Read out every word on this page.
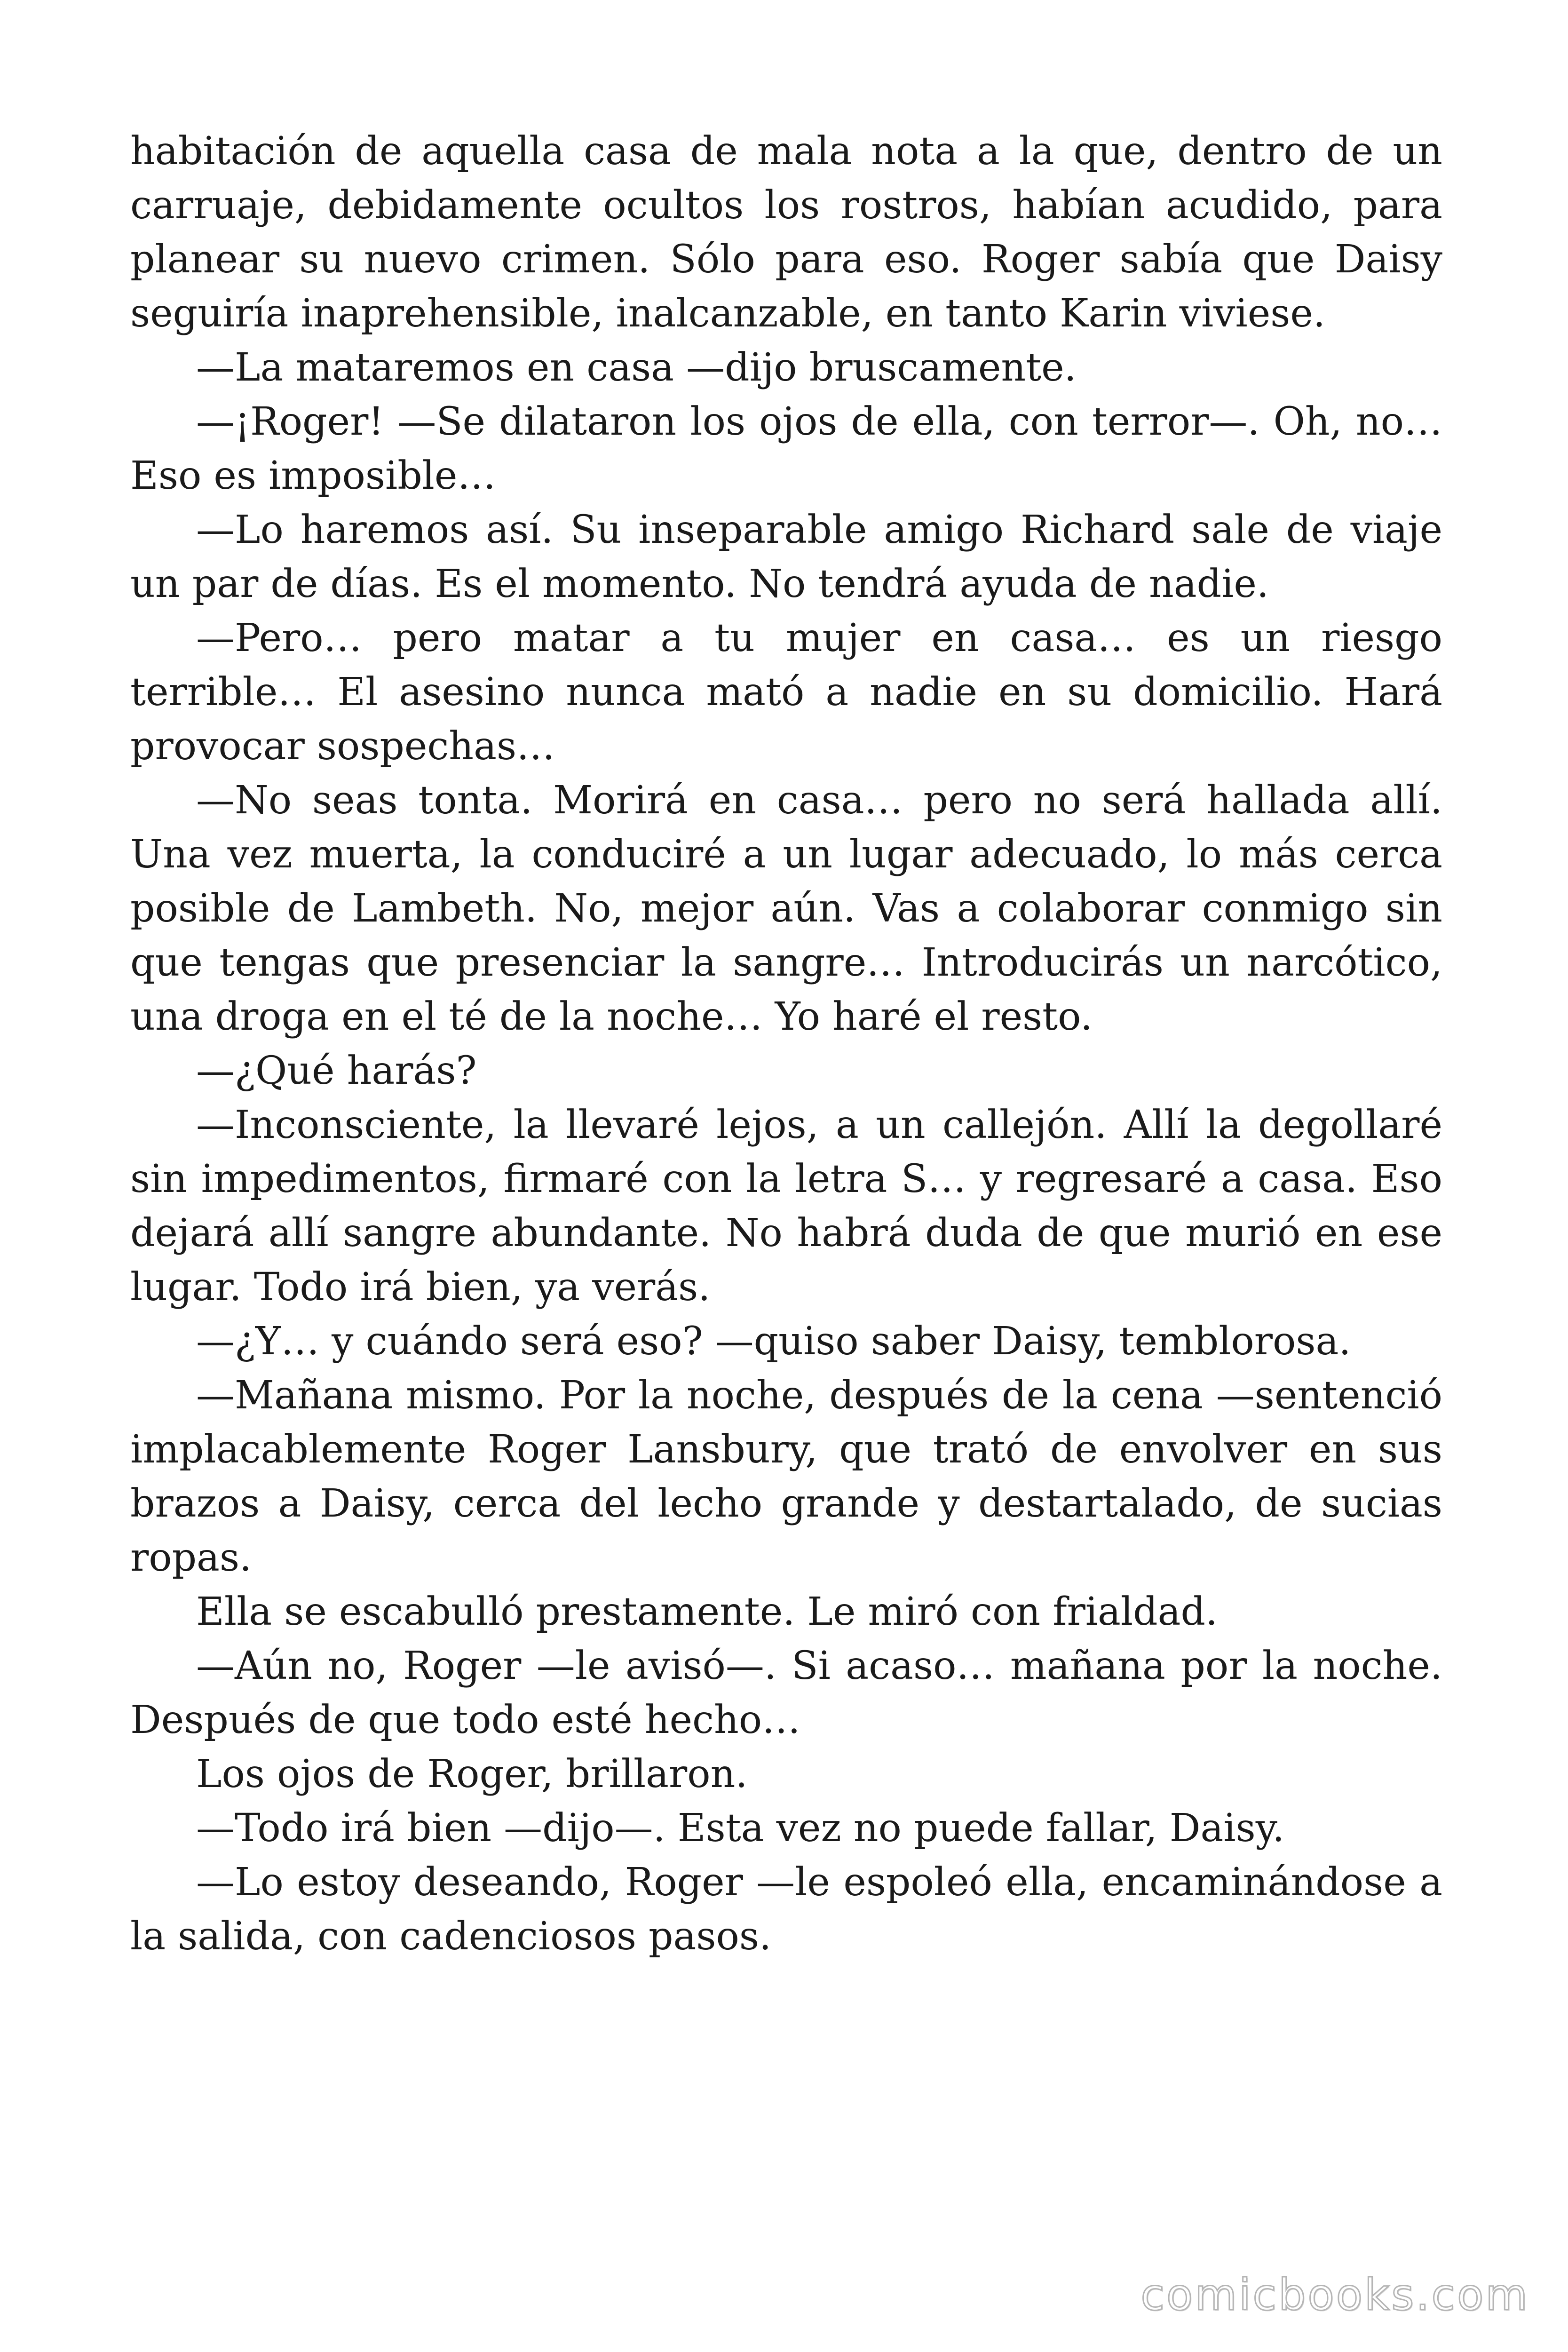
habitación de aquella casa de mala nota a la que, dentro de un carruaje, debidamente ocultos los rostros, habían acudido, para planear su nuevo crimen. Sólo para eso. Roger sabía que Daisy seguiría inaprehensible, inalcanzable, en tanto Karin viviese.

—La mataremos en casa —dijo bruscamente.

—¡Roger! —Se dilataron los ojos de ella, con terror—. Oh, no… Eso es imposible…

—Lo haremos así. Su inseparable amigo Richard sale de viaje un par de días. Es el momento. No tendrá ayuda de nadie.

—Pero… pero matar a tu mujer en casa… es un riesgo terrible… El asesino nunca mató a nadie en su domicilio. Hará provocar sospechas…

—No seas tonta. Morirá en casa… pero no será hallada allí. Una vez muerta, la conduciré a un lugar adecuado, lo más cerca posible de Lambeth. No, mejor aún. Vas a colaborar conmigo sin que tengas que presenciar la sangre… Introducirás un narcótico, una droga en el té de la noche… Yo haré el resto.

—¿Qué harás?

—Inconsciente, la llevaré lejos, a un callejón. Allí la degollaré sin impedimentos, firmaré con la letra S… y regresaré a casa. Eso dejará allí sangre abundante. No habrá duda de que murió en ese lugar. Todo irá bien, ya verás.

—¿Y… y cuándo será eso? —quiso saber Daisy, temblorosa.

—Mañana mismo. Por la noche, después de la cena —sentenció implacablemente Roger Lansbury, que trató de envolver en sus brazos a Daisy, cerca del lecho grande y destartalado, de sucias ropas.

Ella se escabulló prestamente. Le miró con frialdad.

—Aún no, Roger —le avisó—. Si acaso… mañana por la noche. Después de que todo esté hecho…

Los ojos de Roger, brillaron.

—Todo irá bien —dijo—. Esta vez no puede fallar, Daisy.

—Lo estoy deseando, Roger —le espoleó ella, encaminándose a la salida, con cadenciosos pasos.

comicbooks.com
